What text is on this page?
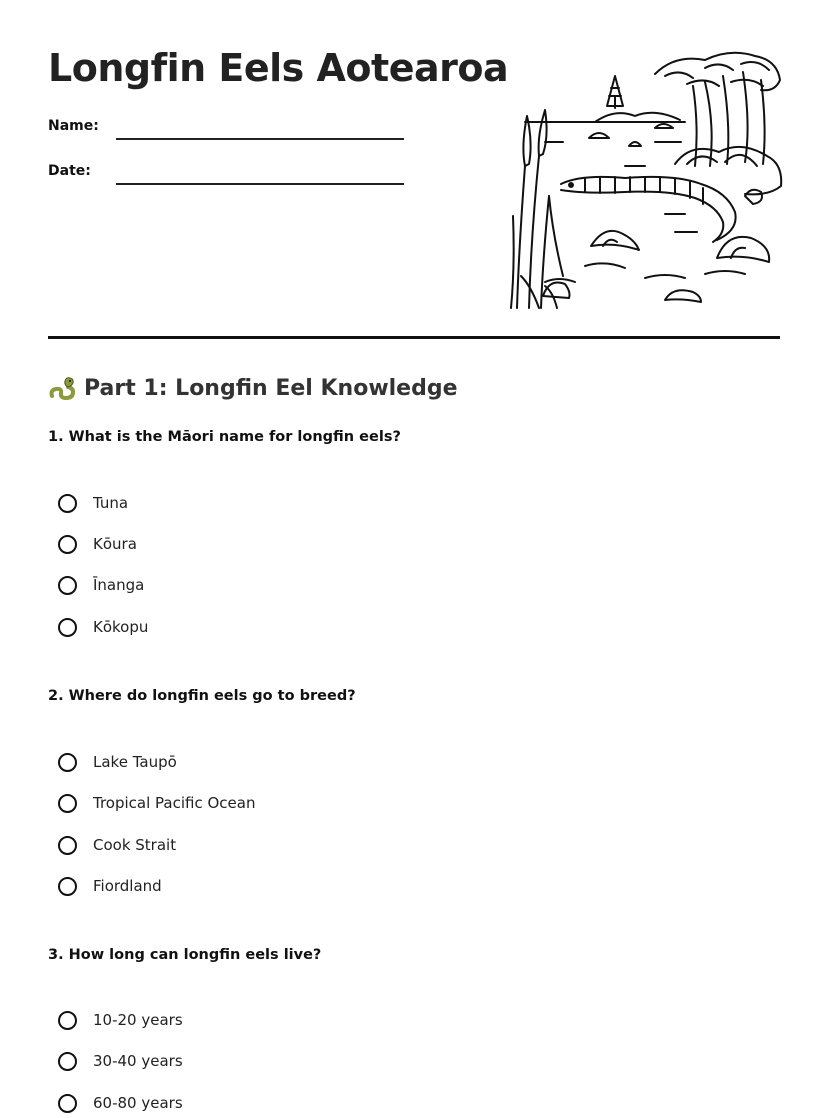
Longfin Eels Aotearoa
Name:
Date:
Part 1: Longfin Eel Knowledge
1. What is the Māori name for longfin eels?
Tuna
Kōura
Īnanga
Kōkopu
2. Where do longfin eels go to breed?
Lake Taupō
Tropical Pacific Ocean
Cook Strait
Fiordland
3. How long can longfin eels live?
10-20 years
30-40 years
60-80 years
